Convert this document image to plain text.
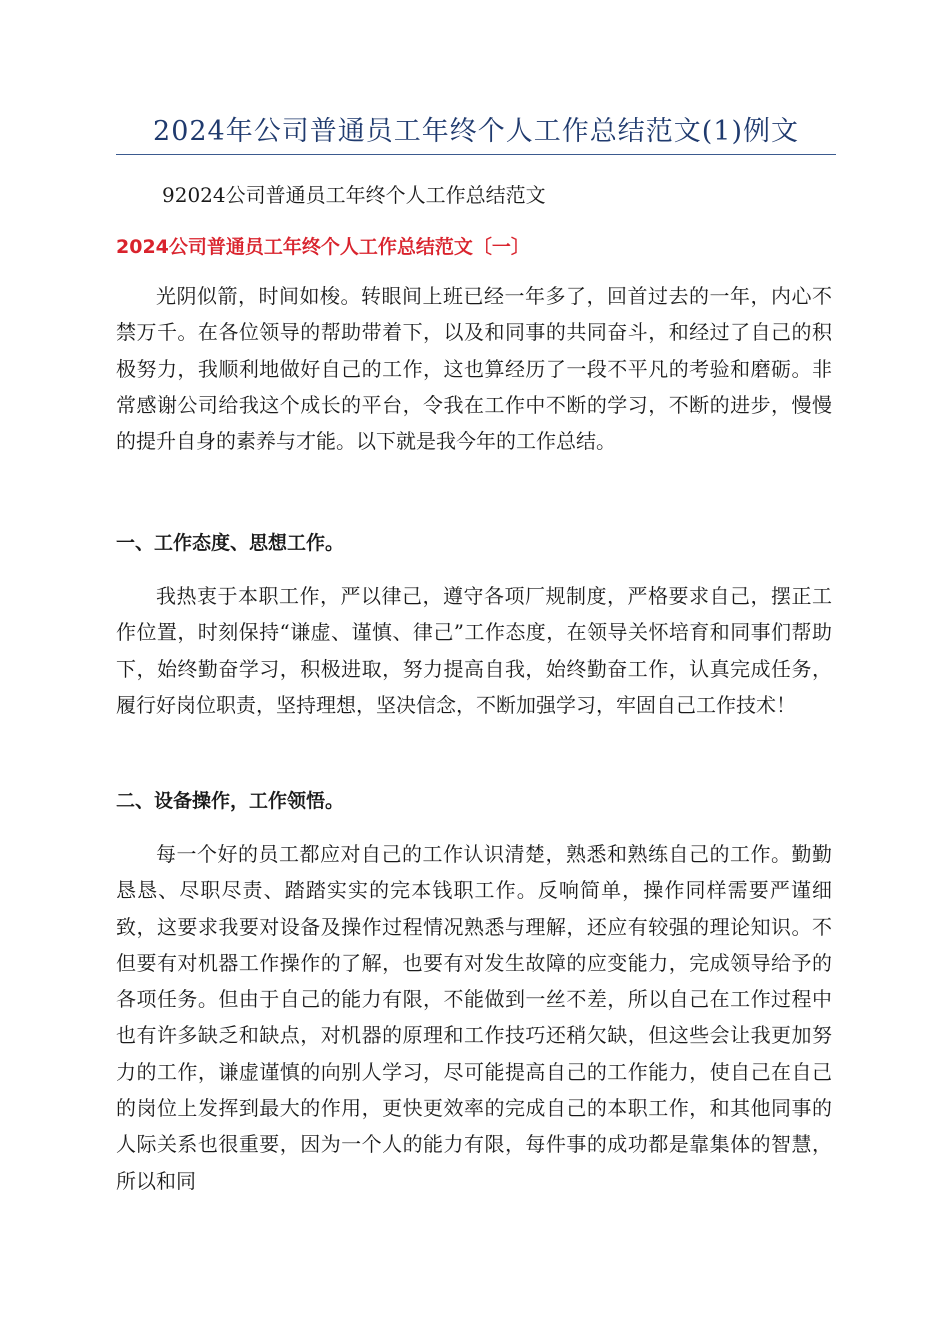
2024年公司普通员工年终个人工作总结范文(1)例文
92024公司普通员工年终个人工作总结范文
2024公司普通员工年终个人工作总结范文〔一〕

光阴似箭，时间如梭。转眼间上班已经一年多了，回首过去的一年，内心不禁万千。在各位领导的帮助带着下，以及和同事的共同奋斗，和经过了自己的积极努力，我顺利地做好自己的工作，这也算经历了一段不平凡的考验和磨砺。非常感谢公司给我这个成长的平台，令我在工作中不断的学习，不断的进步，慢慢的提升自身的素养与才能。以下就是我今年的工作总结。

一、工作态度、思想工作。

我热衷于本职工作，严以律己，遵守各项厂规制度，严格要求自己，摆正工作位置，时刻保持“谦虚、谨慎、律己”工作态度，在领导关怀培育和同事们帮助下，始终勤奋学习，积极进取，努力提高自我，始终勤奋工作，认真完成任务，履行好岗位职责，坚持理想，坚决信念，不断加强学习，牢固自己工作技术！

二、设备操作，工作领悟。

每一个好的员工都应对自己的工作认识清楚，熟悉和熟练自己的工作。勤勤恳恳、尽职尽责、踏踏实实的完本钱职工作。反响简单，操作同样需要严谨细致，这要求我要对设备及操作过程情况熟悉与理解，还应有较强的理论知识。不但要有对机器工作操作的了解，也要有对发生故障的应变能力，完成领导给予的各项任务。但由于自己的能力有限，不能做到一丝不差，所以自己在工作过程中也有许多缺乏和缺点，对机器的原理和工作技巧还稍欠缺，但这些会让我更加努力的工作，谦虚谨慎的向别人学习，尽可能提高自己的工作能力，使自己在自己的岗位上发挥到最大的作用，更快更效率的完成自己的本职工作，和其他同事的人际关系也很重要，因为一个人的能力有限，每件事的成功都是靠集体的智慧，所以和同
